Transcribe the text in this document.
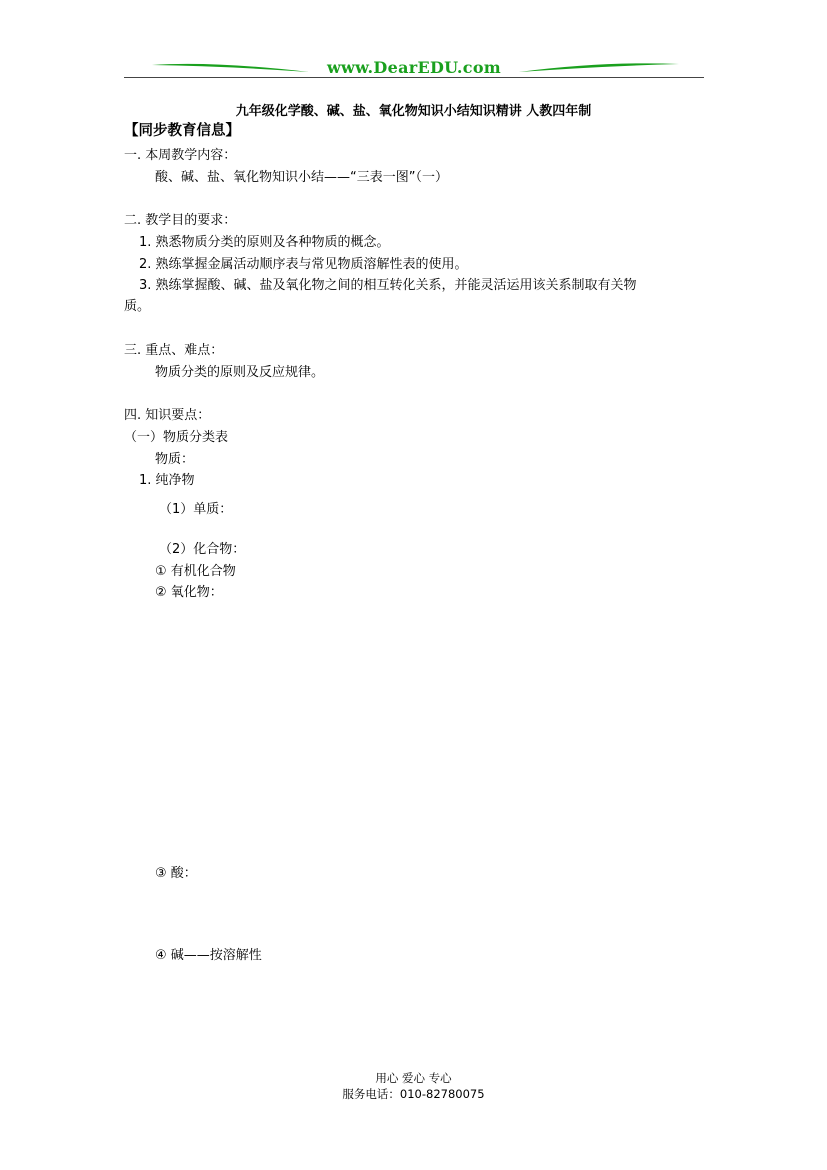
www.DearEDU.com
九年级化学酸、碱、盐、氧化物知识小结知识精讲 人教四年制
【同步教育信息】
一. 本周教学内容：
酸、碱、盐、氧化物知识小结——“三表一图”（一）
二. 教学目的要求：
1. 熟悉物质分类的原则及各种物质的概念。
2. 熟练掌握金属活动顺序表与常见物质溶解性表的使用。
3. 熟练掌握酸、碱、盐及氧化物之间的相互转化关系，并能灵活运用该关系制取有关物
质。
三. 重点、难点：
物质分类的原则及反应规律。
四. 知识要点：
（一）物质分类表
物质：
1. 纯净物
（1）单质：
（2）化合物：
① 有机化合物
② 氧化物：
③ 酸：
④ 碱——按溶解性
用心 爱心 专心
服务电话：010-82780075
